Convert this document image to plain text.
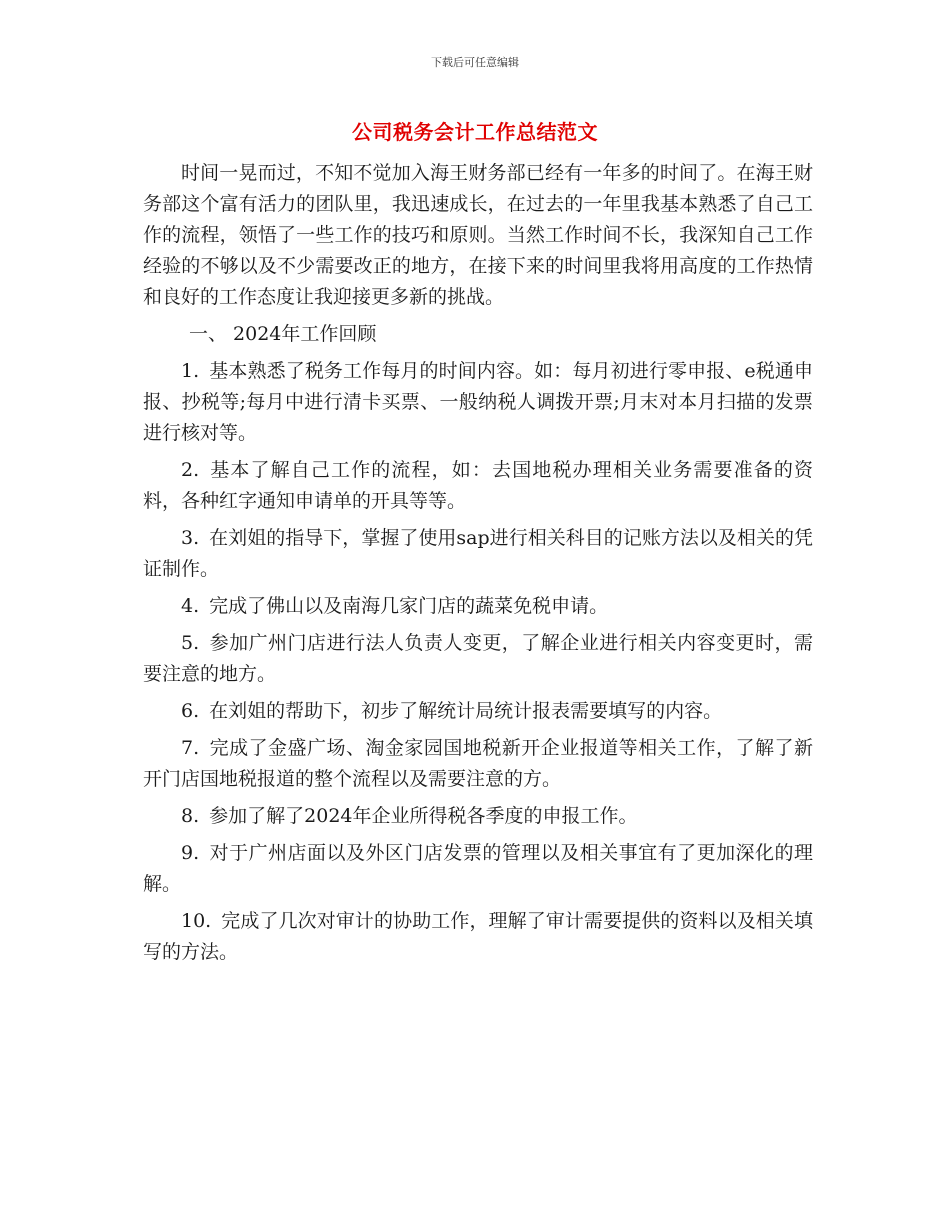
下载后可任意编辑
公司税务会计工作总结范文

时间一晃而过，不知不觉加入海王财务部已经有一年多的时间了。在海王财务部这个富有活力的团队里，我迅速成长，在过去的一年里我基本熟悉了自己工作的流程，领悟了一些工作的技巧和原则。当然工作时间不长，我深知自己工作经验的不够以及不少需要改正的地方，在接下来的时间里我将用高度的工作热情和良好的工作态度让我迎接更多新的挑战。

一、 2024年工作回顾

1. 基本熟悉了税务工作每月的时间内容。如：每月初进行零申报、e税通申报、抄税等;每月中进行清卡买票、一般纳税人调拨开票;月末对本月扫描的发票进行核对等。

2. 基本了解自己工作的流程，如：去国地税办理相关业务需要准备的资料，各种红字通知申请单的开具等等。

3. 在刘姐的指导下，掌握了使用sap进行相关科目的记账方法以及相关的凭证制作。

4. 完成了佛山以及南海几家门店的蔬菜免税申请。

5. 参加广州门店进行法人负责人变更，了解企业进行相关内容变更时，需要注意的地方。

6. 在刘姐的帮助下，初步了解统计局统计报表需要填写的内容。

7. 完成了金盛广场、淘金家园国地税新开企业报道等相关工作，了解了新开门店国地税报道的整个流程以及需要注意的方。

8. 参加了解了2024年企业所得税各季度的申报工作。

9. 对于广州店面以及外区门店发票的管理以及相关事宜有了更加深化的理解。

10. 完成了几次对审计的协助工作，理解了审计需要提供的资料以及相关填写的方法。
